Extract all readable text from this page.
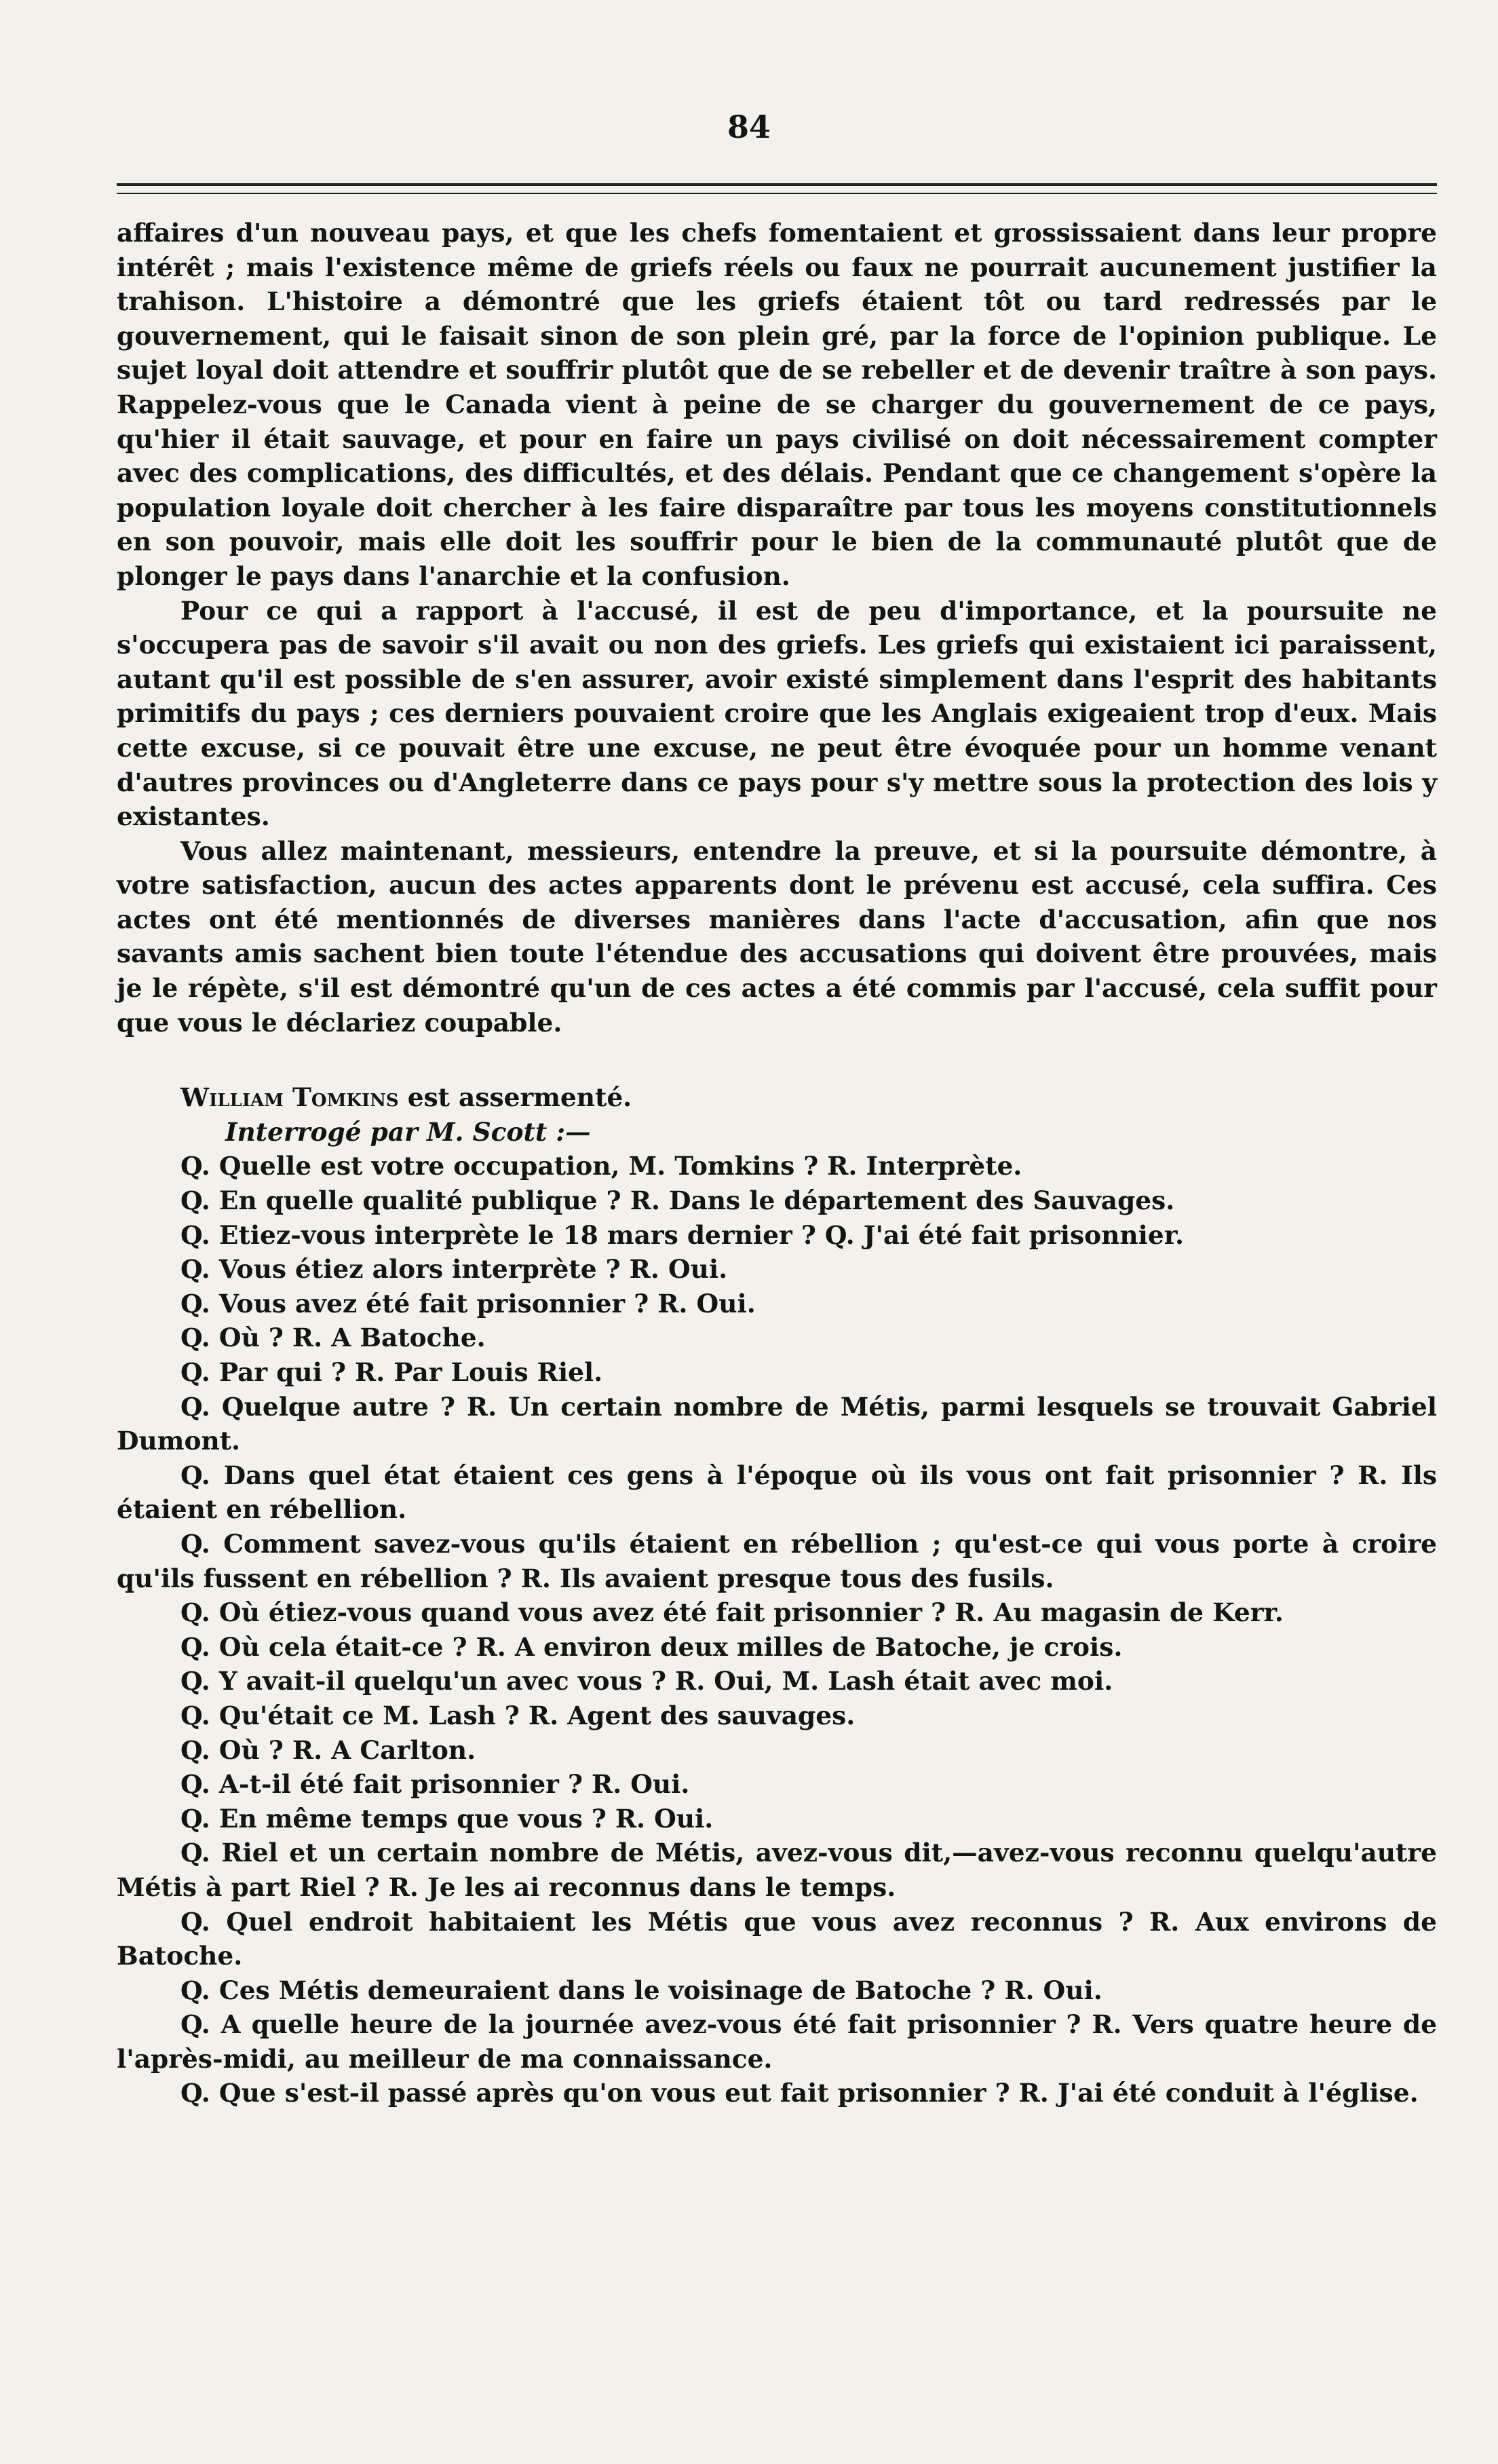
84

affaires d'un nouveau pays, et que les chefs fomentaient et grossissaient dans leur propre intérêt ; mais l'existence même de griefs réels ou faux ne pourrait aucunement justifier la trahison. L'histoire a démontré que les griefs étaient tôt ou tard redressés par le gouvernement, qui le faisait sinon de son plein gré, par la force de l'opinion publique. Le sujet loyal doit attendre et souffrir plutôt que de se rebeller et de devenir traître à son pays. Rappelez-vous que le Canada vient à peine de se charger du gouvernement de ce pays, qu'hier il était sauvage, et pour en faire un pays civilisé on doit nécessairement compter avec des complications, des difficultés, et des délais. Pendant que ce changement s'opère la population loyale doit chercher à les faire disparaître par tous les moyens constitutionnels en son pouvoir, mais elle doit les souffrir pour le bien de la communauté plutôt que de plonger le pays dans l'anarchie et la confusion.

Pour ce qui a rapport à l'accusé, il est de peu d'importance, et la poursuite ne s'occupera pas de savoir s'il avait ou non des griefs. Les griefs qui existaient ici paraissent, autant qu'il est possible de s'en assurer, avoir existé simplement dans l'esprit des habitants primitifs du pays ; ces derniers pouvaient croire que les Anglais exigeaient trop d'eux. Mais cette excuse, si ce pouvait être une excuse, ne peut être évoquée pour un homme venant d'autres provinces ou d'Angleterre dans ce pays pour s'y mettre sous la protection des lois y existantes.

Vous allez maintenant, messieurs, entendre la preuve, et si la poursuite démontre, à votre satisfaction, aucun des actes apparents dont le prévenu est accusé, cela suffira. Ces actes ont été mentionnés de diverses manières dans l'acte d'accusation, afin que nos savants amis sachent bien toute l'étendue des accusations qui doivent être prouvées, mais je le répète, s'il est démontré qu'un de ces actes a été commis par l'accusé, cela suffit pour que vous le déclariez coupable.

William Tomkins est assermenté.

Interrogé par M. Scott :—

Q. Quelle est votre occupation, M. Tomkins ? R. Interprète.

Q. En quelle qualité publique ? R. Dans le département des Sauvages.

Q. Etiez-vous interprète le 18 mars dernier ? Q. J'ai été fait prisonnier.

Q. Vous étiez alors interprète ? R. Oui.

Q. Vous avez été fait prisonnier ? R. Oui.

Q. Où ? R. A Batoche.

Q. Par qui ? R. Par Louis Riel.

Q. Quelque autre ? R. Un certain nombre de Métis, parmi lesquels se trouvait Gabriel Dumont.

Q. Dans quel état étaient ces gens à l'époque où ils vous ont fait prisonnier ? R. Ils étaient en rébellion.

Q. Comment savez-vous qu'ils étaient en rébellion ; qu'est-ce qui vous porte à croire qu'ils fussent en rébellion ? R. Ils avaient presque tous des fusils.

Q. Où étiez-vous quand vous avez été fait prisonnier ? R. Au magasin de Kerr.

Q. Où cela était-ce ? R. A environ deux milles de Batoche, je crois.

Q. Y avait-il quelqu'un avec vous ? R. Oui, M. Lash était avec moi.

Q. Qu'était ce M. Lash ? R. Agent des sauvages.

Q. Où ? R. A Carlton.

Q. A-t-il été fait prisonnier ? R. Oui.

Q. En même temps que vous ? R. Oui.

Q. Riel et un certain nombre de Métis, avez-vous dit,—avez-vous reconnu quelqu'autre Métis à part Riel ? R. Je les ai reconnus dans le temps.

Q. Quel endroit habitaient les Métis que vous avez reconnus ? R. Aux environs de Batoche.

Q. Ces Métis demeuraient dans le voisinage de Batoche ? R. Oui.

Q. A quelle heure de la journée avez-vous été fait prisonnier ? R. Vers quatre heure de l'après-midi, au meilleur de ma connaissance.

Q. Que s'est-il passé après qu'on vous eut fait prisonnier ? R. J'ai été conduit à l'église.
